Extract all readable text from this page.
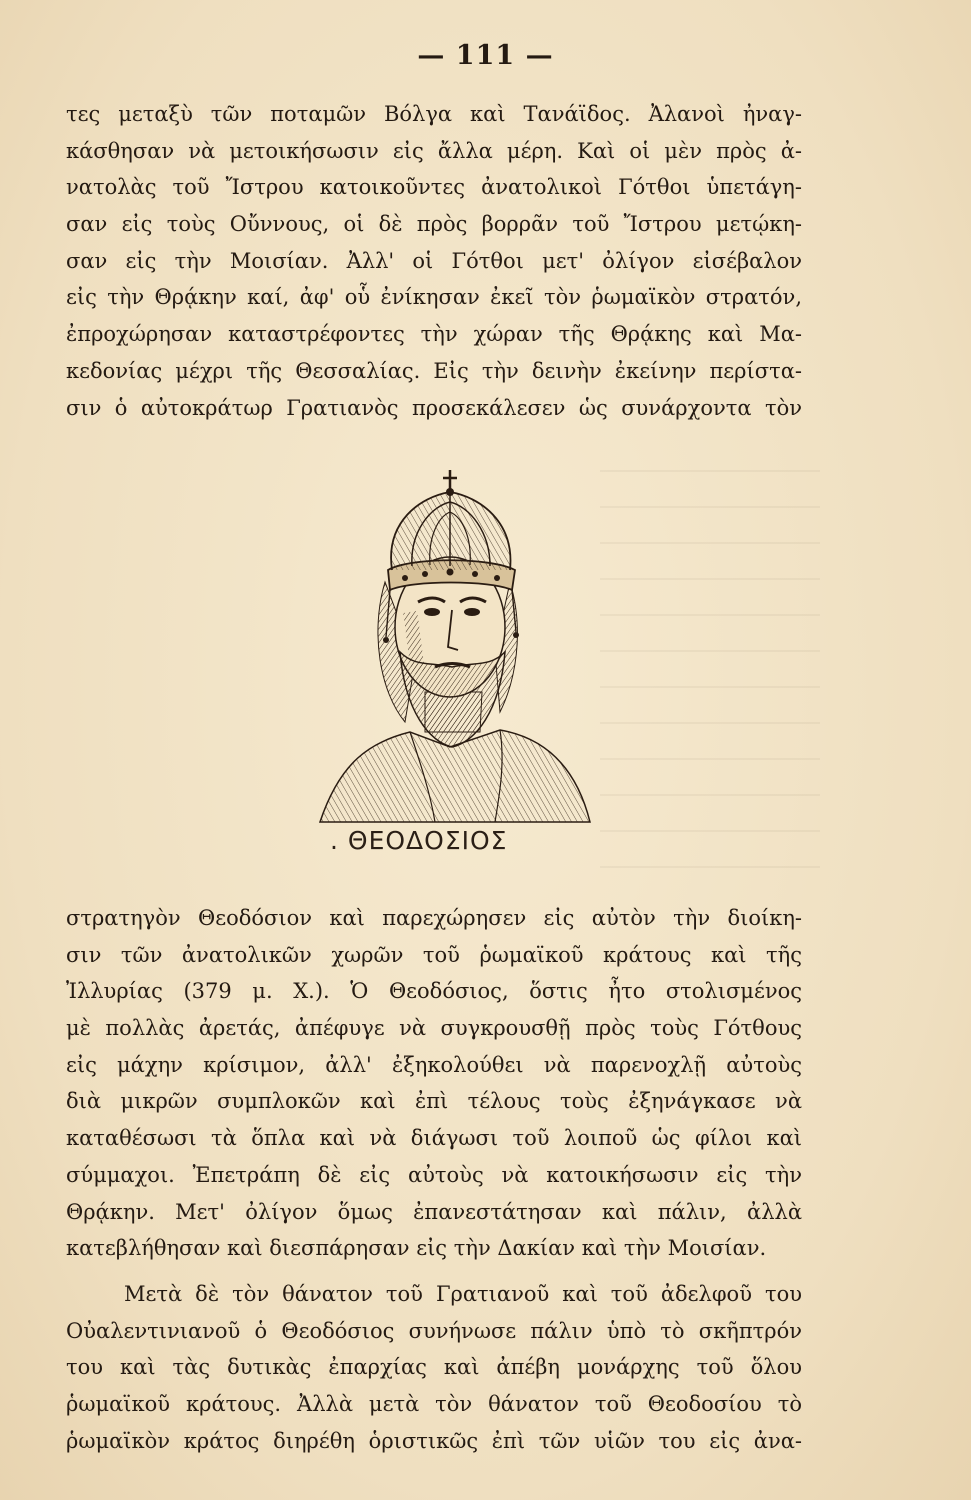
— 111 —
τες μεταξὺ τῶν ποταμῶν Βόλγα καὶ Τανάϊδος. Ἀλανοὶ ἠναγ-
κάσθησαν νὰ μετοικήσωσιν εἰς ἄλλα μέρη. Καὶ οἱ μὲν πρὸς ἀ-
νατολὰς τοῦ Ἴστρου κατοικοῦντες ἀνατολικοὶ Γότθοι ὑπετάγη-
σαν εἰς τοὺς Οὔννους, οἱ δὲ πρὸς βορρᾶν τοῦ Ἴστρου μετῴκη-
σαν εἰς τὴν Μοισίαν. Ἀλλ' οἱ Γότθοι μετ' ὀλίγον εἰσέβαλον
εἰς τὴν Θρᾴκην καί, ἀφ' οὗ ἐνίκησαν ἐκεῖ τὸν ῥωμαϊκὸν στρατόν,
ἐπροχώρησαν καταστρέφοντες τὴν χώραν τῆς Θρᾴκης καὶ Μα-
κεδονίας μέχρι τῆς Θεσσαλίας. Εἰς τὴν δεινὴν ἐκείνην περίστα-
σιν ὁ αὐτοκράτωρ Γρατιανὸς προσεκάλεσεν ὡς συνάρχοντα τὸν
. ΘΕΟΔΟΣΙΟΣ
στρατηγὸν Θεοδόσιον καὶ παρεχώρησεν εἰς αὐτὸν τὴν διοίκη-
σιν τῶν ἀνατολικῶν χωρῶν τοῦ ῥωμαϊκοῦ κράτους καὶ τῆς
Ἰλλυρίας (379 μ. Χ.). Ὁ Θεοδόσιος, ὅστις ἦτο στολισμένος
μὲ πολλὰς ἀρετάς, ἀπέφυγε νὰ συγκρουσθῇ πρὸς τοὺς Γότθους
εἰς μάχην κρίσιμον, ἀλλ' ἐξηκολούθει νὰ παρενοχλῇ αὐτοὺς
διὰ μικρῶν συμπλοκῶν καὶ ἐπὶ τέλους τοὺς ἐξηνάγκασε νὰ
καταθέσωσι τὰ ὅπλα καὶ νὰ διάγωσι τοῦ λοιποῦ ὡς φίλοι καὶ
σύμμαχοι. Ἐπετράπη δὲ εἰς αὐτοὺς νὰ κατοικήσωσιν εἰς τὴν
Θρᾴκην. Μετ' ὀλίγον ὅμως ἐπανεστάτησαν καὶ πάλιν, ἀλλὰ
κατεβλήθησαν καὶ διεσπάρησαν εἰς τὴν Δακίαν καὶ τὴν Μοισίαν.
Μετὰ δὲ τὸν θάνατον τοῦ Γρατιανοῦ καὶ τοῦ ἀδελφοῦ του
Οὐαλεντινιανοῦ ὁ Θεοδόσιος συνήνωσε πάλιν ὑπὸ τὸ σκῆπτρόν
του καὶ τὰς δυτικὰς ἐπαρχίας καὶ ἀπέβη μονάρχης τοῦ ὅλου
ῥωμαϊκοῦ κράτους. Ἀλλὰ μετὰ τὸν θάνατον τοῦ Θεοδοσίου τὸ
ῥωμαϊκὸν κράτος διηρέθη ὁριστικῶς ἐπὶ τῶν υἱῶν του εἰς ἀνα-
